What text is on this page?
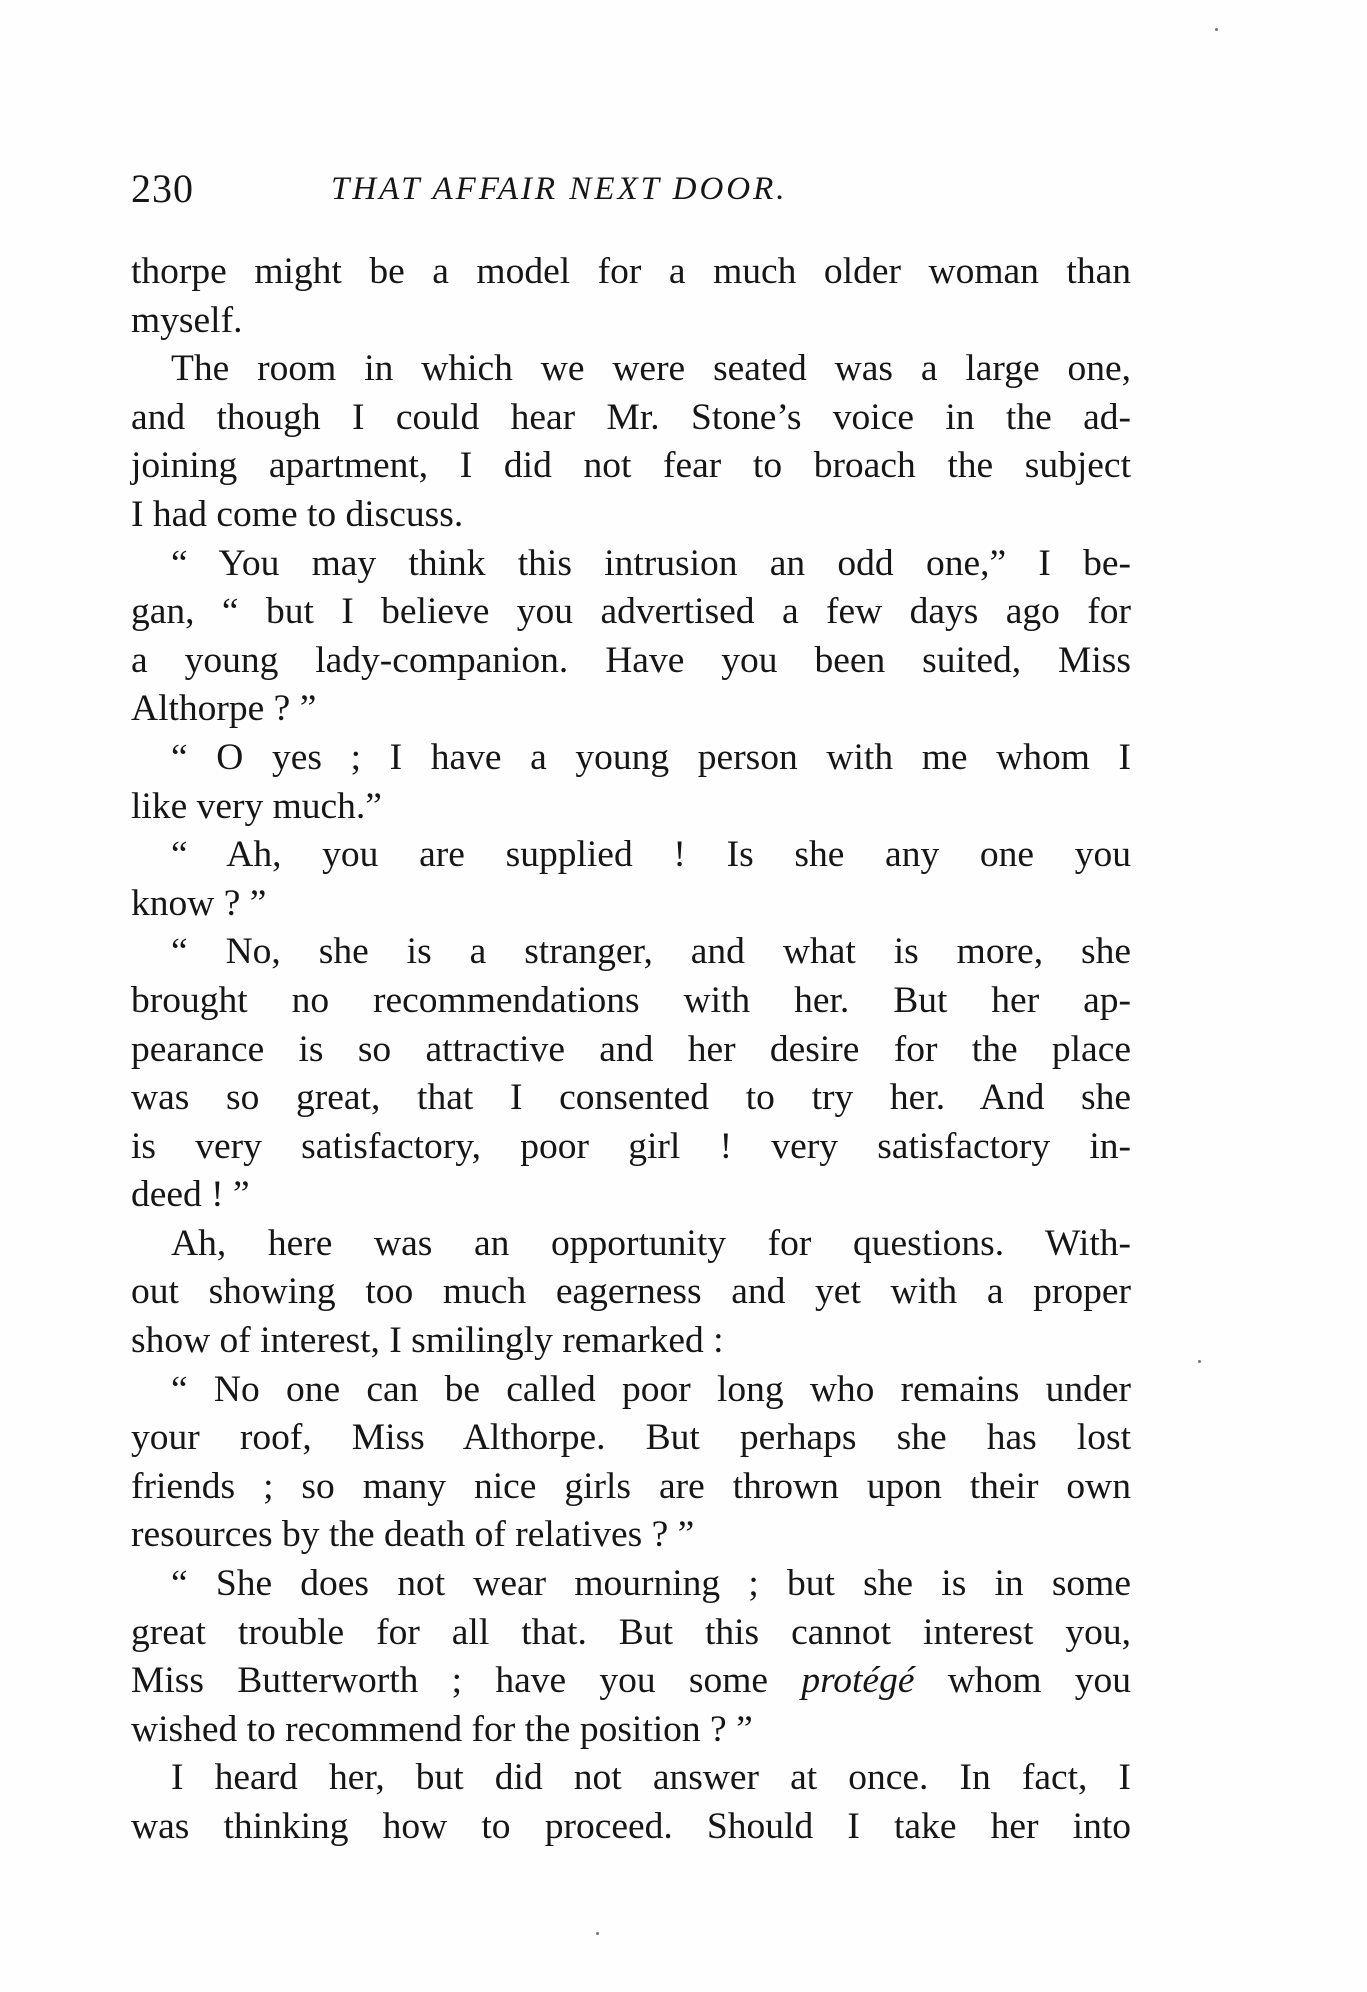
230	THAT AFFAIR NEXT DOOR.
thorpe might be a model for a much older woman than
myself.
The room in which we were seated was a large one,
and though I could hear Mr. Stone’s voice in the ad-
joining apartment, I did not fear to broach the subject
I had come to discuss.
“ You may think this intrusion an odd one,” I be-
gan, “ but I believe you advertised a few days ago for
a young lady-companion. Have you been suited, Miss
Althorpe ? ”
“ O yes ; I have a young person with me whom I
like very much.”
“ Ah, you are supplied ! Is she any one you
know ? ”
“ No, she is a stranger, and what is more, she
brought no recommendations with her. But her ap-
pearance is so attractive and her desire for the place
was so great, that I consented to try her. And she
is very satisfactory, poor girl ! very satisfactory in-
deed ! ”
Ah, here was an opportunity for questions. With-
out showing too much eagerness and yet with a proper
show of interest, I smilingly remarked :
“ No one can be called poor long who remains under
your roof, Miss Althorpe. But perhaps she has lost
friends ; so many nice girls are thrown upon their own
resources by the death of relatives ? ”
“ She does not wear mourning ; but she is in some
great trouble for all that. But this cannot interest you,
Miss Butterworth ; have you some protégé whom you
wished to recommend for the position ? ”
I heard her, but did not answer at once. In fact, I
was thinking how to proceed. Should I take her into
